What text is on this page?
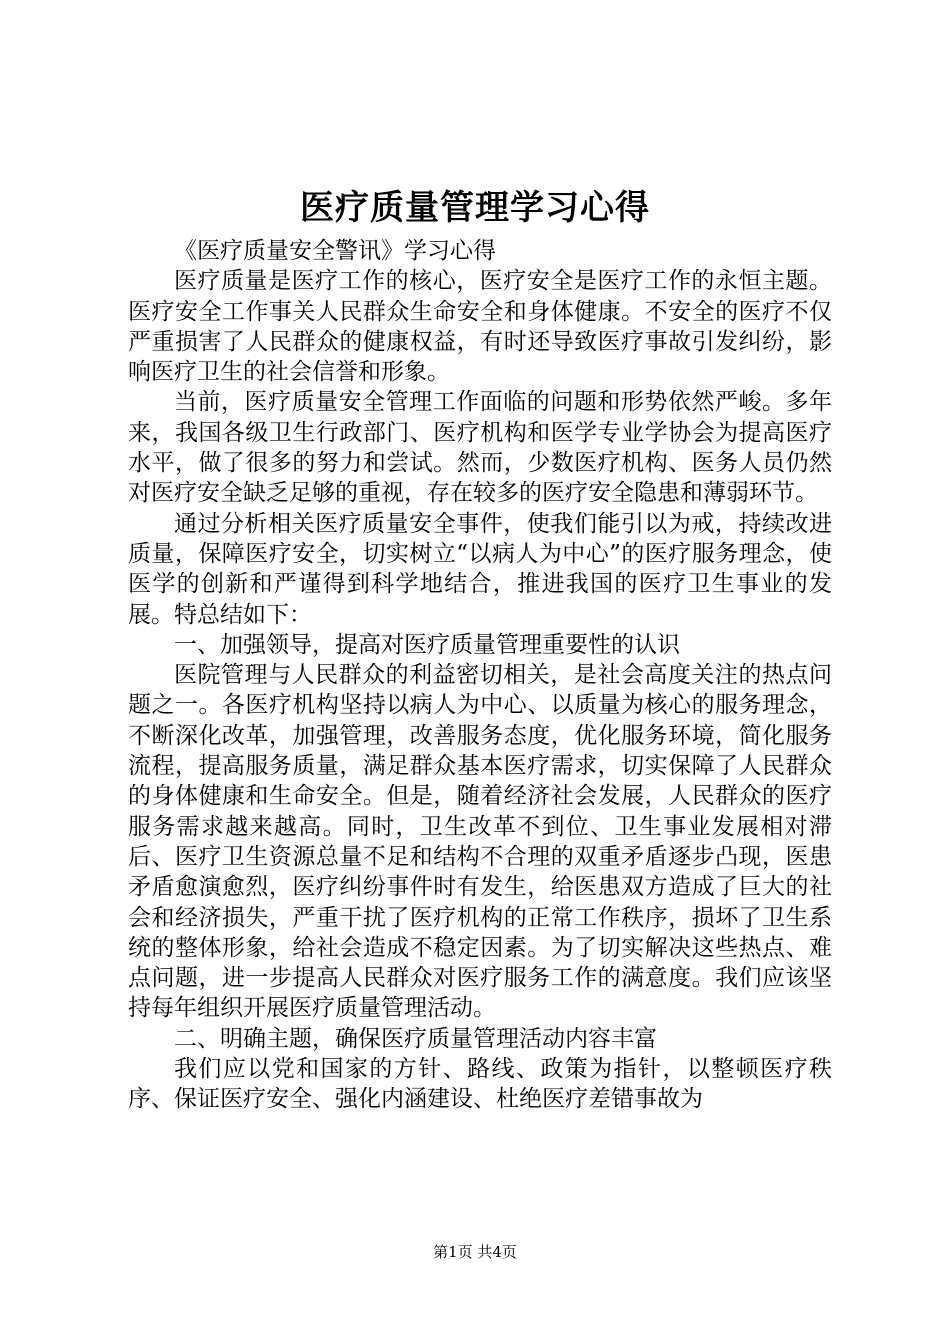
医疗质量管理学习心得

《医疗质量安全警讯》学习心得

医疗质量是医疗工作的核心，医疗安全是医疗工作的永恒主题。医疗安全工作事关人民群众生命安全和身体健康。不安全的医疗不仅严重损害了人民群众的健康权益，有时还导致医疗事故引发纠纷，影响医疗卫生的社会信誉和形象。

当前，医疗质量安全管理工作面临的问题和形势依然严峻。多年来，我国各级卫生行政部门、医疗机构和医学专业学协会为提高医疗水平，做了很多的努力和尝试。然而，少数医疗机构、医务人员仍然对医疗安全缺乏足够的重视，存在较多的医疗安全隐患和薄弱环节。

通过分析相关医疗质量安全事件，使我们能引以为戒，持续改进质量，保障医疗安全，切实树立“以病人为中心”的医疗服务理念，使医学的创新和严谨得到科学地结合，推进我国的医疗卫生事业的发展。特总结如下：

一、加强领导，提高对医疗质量管理重要性的认识

医院管理与人民群众的利益密切相关，是社会高度关注的热点问题之一。各医疗机构坚持以病人为中心、以质量为核心的服务理念，不断深化改革，加强管理，改善服务态度，优化服务环境，简化服务流程，提高服务质量，满足群众基本医疗需求，切实保障了人民群众的身体健康和生命安全。但是，随着经济社会发展，人民群众的医疗服务需求越来越高。同时，卫生改革不到位、卫生事业发展相对滞后、医疗卫生资源总量不足和结构不合理的双重矛盾逐步凸现，医患矛盾愈演愈烈，医疗纠纷事件时有发生，给医患双方造成了巨大的社会和经济损失，严重干扰了医疗机构的正常工作秩序，损坏了卫生系统的整体形象，给社会造成不稳定因素。为了切实解决这些热点、难点问题，进一步提高人民群众对医疗服务工作的满意度。我们应该坚持每年组织开展医疗质量管理活动。

二、明确主题，确保医疗质量管理活动内容丰富

我们应以党和国家的方针、路线、政策为指针，以整顿医疗秩序、保证医疗安全、强化内涵建设、杜绝医疗差错事故为

第1页 共4页
